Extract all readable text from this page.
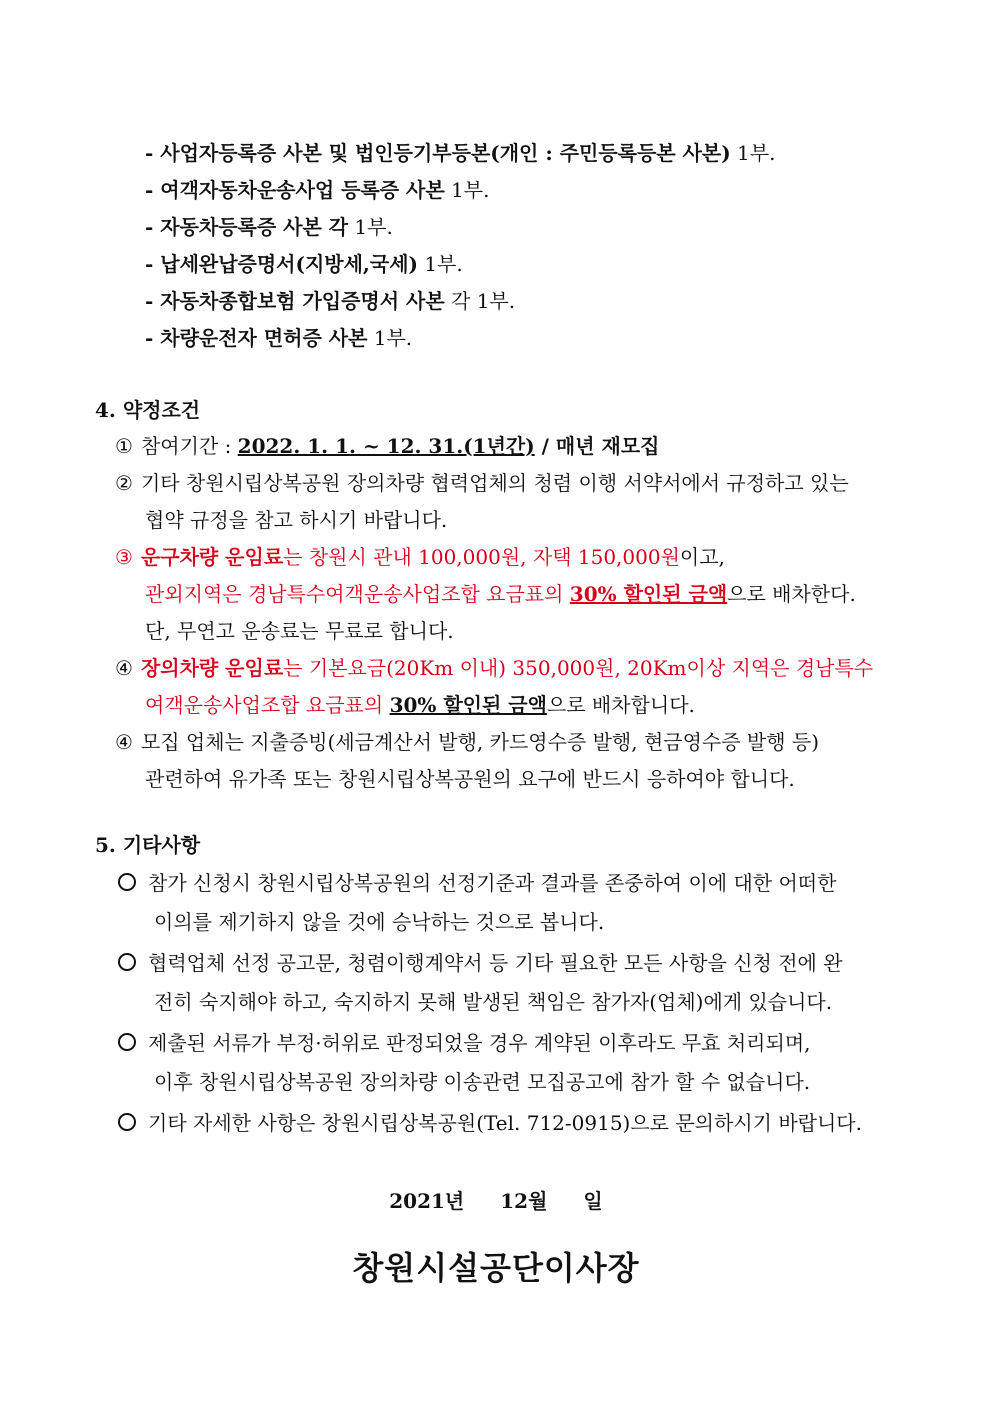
- 사업자등록증 사본 및 법인등기부등본(개인 : 주민등록등본 사본) 1부.
- 여객자동차운송사업 등록증 사본 1부.
- 자동차등록증 사본 각 1부.
- 납세완납증명서(지방세,국세) 1부.
- 자동차종합보험 가입증명서 사본 각 1부.
- 차량운전자 면허증 사본 1부.
4. 약정조건
① 참여기간 : 2022. 1. 1. ~ 12. 31.(1년간) / 매년 재모집
② 기타 창원시립상복공원 장의차량 협력업체의 청렴 이행 서약서에서 규정하고 있는
협약 규정을 참고 하시기 바랍니다.
③ 운구차량 운임료는 창원시 관내 100,000원, 자택 150,000원이고,
관외지역은 경남특수여객운송사업조합 요금표의 30% 할인된 금액으로 배차한다.
단, 무연고 운송료는 무료로 합니다.
④ 장의차량 운임료는 기본요금(20Km 이내) 350,000원, 20Km이상 지역은 경남특수
여객운송사업조합 요금표의 30% 할인된 금액으로 배차합니다.
④ 모집 업체는 지출증빙(세금계산서 발행, 카드영수증 발행, 현금영수증 발행 등)
관련하여 유가족 또는 창원시립상복공원의 요구에 반드시 응하여야 합니다.
5. 기타사항
참가 신청시 창원시립상복공원의 선정기준과 결과를 존중하여 이에 대한 어떠한
이의를 제기하지 않을 것에 승낙하는 것으로 봅니다.
협력업체 선정 공고문, 청렴이행계약서 등 기타 필요한 모든 사항을 신청 전에 완
전히 숙지해야 하고, 숙지하지 못해 발생된 책임은 참가자(업체)에게 있습니다.
제출된 서류가 부정·허위로 판정되었을 경우 계약된 이후라도 무효 처리되며,
이후 창원시립상복공원 장의차량 이송관련 모집공고에 참가 할 수 없습니다.
기타 자세한 사항은 창원시립상복공원(Tel. 712-0915)으로 문의하시기 바랍니다.
2021년 12월 일
창원시설공단이사장
